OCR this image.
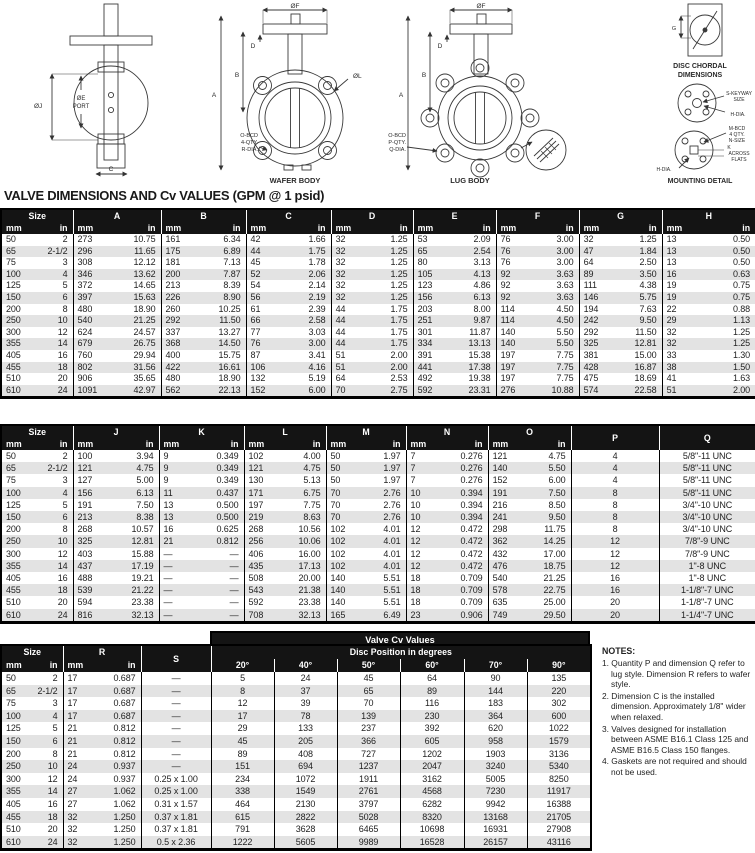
ØJ
ØE
PORT
C
ØF
D
B
A
ØL
O-BCD
4-QTY.
R-DIA.
WAFER BODY
ØF
D
B
A
O-BCD
P-QTY.
Q-DIA.
LUG BODY
G
DISC CHORDAL
DIMENSIONS
S-KEYWAY
SIZE
H-DIA.
M-BCD
4 QTY.
N-SIZE
K
ACROSS
FLATS
H-DIA.
MOUNTING DETAIL
VALVE DIMENSIONS AND Cv VALUES (GPM @ 1 psid)
Size		A		B		C		D		E		F		G		H	
mm	in	mm	in	mm	in	mm	in	mm	in	mm	in	mm	in	mm	in	mm	in
50	2	273	10.75	161	6.34	42	1.66	32	1.25	53	2.09	76	3.00	32	1.25	13	0.50
65	2-1/2	296	11.65	175	6.89	44	1.75	32	1.25	65	2.54	76	3.00	47	1.84	13	0.50
75	3	308	12.12	181	7.13	45	1.78	32	1.25	80	3.13	76	3.00	64	2.50	13	0.50
100	4	346	13.62	200	7.87	52	2.06	32	1.25	105	4.13	92	3.63	89	3.50	16	0.63
125	5	372	14.65	213	8.39	54	2.14	32	1.25	123	4.86	92	3.63	111	4.38	19	0.75
150	6	397	15.63	226	8.90	56	2.19	32	1.25	156	6.13	92	3.63	146	5.75	19	0.75
200	8	480	18.90	260	10.25	61	2.39	44	1.75	203	8.00	114	4.50	194	7.63	22	0.88
250	10	540	21.25	292	11.50	66	2.58	44	1.75	251	9.87	114	4.50	242	9.50	29	1.13
300	12	624	24.57	337	13.27	77	3.03	44	1.75	301	11.87	140	5.50	292	11.50	32	1.25
355	14	679	26.75	368	14.50	76	3.00	44	1.75	334	13.13	140	5.50	325	12.81	32	1.25
405	16	760	29.94	400	15.75	87	3.41	51	2.00	391	15.38	197	7.75	381	15.00	33	1.30
455	18	802	31.56	422	16.61	106	4.16	51	2.00	441	17.38	197	7.75	428	16.87	38	1.50
510	20	906	35.65	480	18.90	132	5.19	64	2.53	492	19.38	197	7.75	475	18.69	41	1.63
610	24	1091	42.97	562	22.13	152	6.00	70	2.75	592	23.31	276	10.88	574	22.58	51	2.00
Size		J		K		L		M		N		O		P	Q
mm	in	mm	in	mm	in	mm	in	mm	in	mm	in	mm	in		
50	2	100	3.94	9	0.349	102	4.00	50	1.97	7	0.276	121	4.75	4	5/8"-11 UNC
65	2-1/2	121	4.75	9	0.349	121	4.75	50	1.97	7	0.276	140	5.50	4	5/8"-11 UNC
75	3	127	5.00	9	0.349	130	5.13	50	1.97	7	0.276	152	6.00	4	5/8"-11 UNC
100	4	156	6.13	11	0.437	171	6.75	70	2.76	10	0.394	191	7.50	8	5/8"-11 UNC
125	5	191	7.50	13	0.500	197	7.75	70	2.76	10	0.394	216	8.50	8	3/4"-10 UNC
150	6	213	8.38	13	0.500	219	8.63	70	2.76	10	0.394	241	9.50	8	3/4"-10 UNC
200	8	268	10.57	16	0.625	268	10.56	102	4.01	12	0.472	298	11.75	8	3/4"-10 UNC
250	10	325	12.81	21	0.812	256	10.06	102	4.01	12	0.472	362	14.25	12	7/8"-9 UNC
300	12	403	15.88	—	—	406	16.00	102	4.01	12	0.472	432	17.00	12	7/8"-9 UNC
355	14	437	17.19	—	—	435	17.13	102	4.01	12	0.472	476	18.75	12	1"-8 UNC
405	16	488	19.21	—	—	508	20.00	140	5.51	18	0.709	540	21.25	16	1"-8 UNC
455	18	539	21.22	—	—	543	21.38	140	5.51	18	0.709	578	22.75	16	1-1/8"-7 UNC
510	20	594	23.38	—	—	592	23.38	140	5.51	18	0.709	635	25.00	20	1-1/8"-7 UNC
610	24	816	32.13	—	—	708	32.13	165	6.49	23	0.906	749	29.50	20	1-1/4"-7 UNC
Valve Cv Values
Size		R		S	Disc Position in degrees					
mm	in	mm	in		20°	40°	50°	60°	70°	90°
50	2	17	0.687	—	5	24	45	64	90	135
65	2-1/2	17	0.687	—	8	37	65	89	144	220
75	3	17	0.687	—	12	39	70	116	183	302
100	4	17	0.687	—	17	78	139	230	364	600
125	5	21	0.812	—	29	133	237	392	620	1022
150	6	21	0.812	—	45	205	366	605	958	1579
200	8	21	0.812	—	89	408	727	1202	1903	3136
250	10	24	0.937	—	151	694	1237	2047	3240	5340
300	12	24	0.937	0.25 x 1.00	234	1072	1911	3162	5005	8250
355	14	27	1.062	0.25 x 1.00	338	1549	2761	4568	7230	11917
405	16	27	1.062	0.31 x 1.57	464	2130	3797	6282	9942	16388
455	18	32	1.250	0.37 x 1.81	615	2822	5028	8320	13168	21705
510	20	32	1.250	0.37 x 1.81	791	3628	6465	10698	16931	27908
610	24	32	1.250	0.5 x 2.36	1222	5605	9989	16528	26157	43116
NOTES:
1. Quantity P and dimension Q refer to lug style. Dimension R refers to wafer style.
2. Dimension C is the installed dimension. Approximately 1/8" wider when relaxed.
3. Valves designed for installation between ASME B16.1 Class 125 and ASME B16.5 Class 150 flanges.
4. Gaskets are not required and should not be used.
